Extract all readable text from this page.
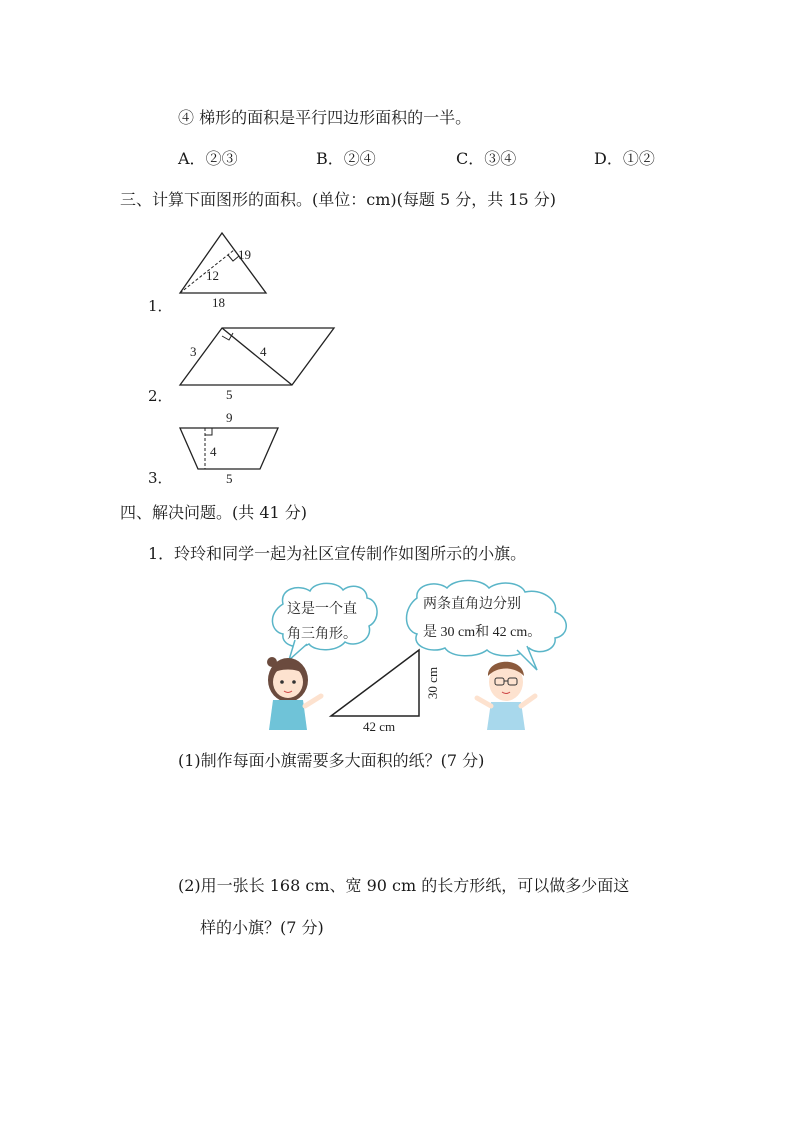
④ 梯形的面积是平行四边形面积的一半。
A．②③	B．②④	C．③④	D．①②
三、计算下面图形的面积。(单位：cm)(每题 5 分，共 15 分)
1．
19
12
18
2．
3	4
5
3．
9
4
5
四、解决问题。(共 41 分)
1．玲玲和同学一起为社区宣传制作如图所示的小旗。
这是一个直
角三角形。
两条直角边分别
是 30 cm和 42 cm。
42 cm
30 cm
(1)制作每面小旗需要多大面积的纸？(7 分)
(2)用一张长 168 cm、宽 90 cm 的长方形纸，可以做多少面这
样的小旗？(7 分)
